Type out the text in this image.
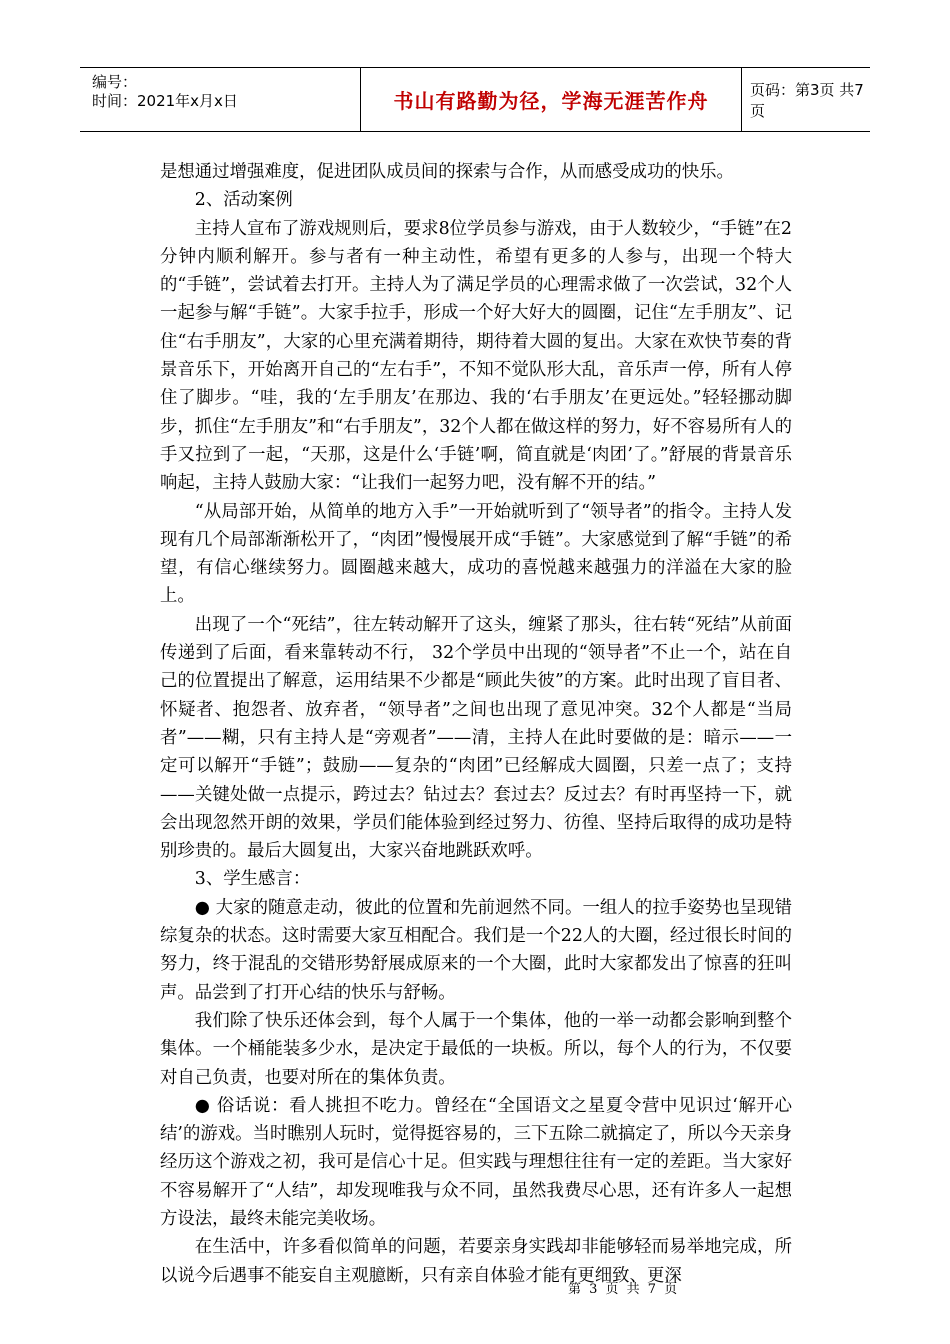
编号：
时间：2021年x月x日	书山有路勤为径，学海无涯苦作舟	页码：第3页 共7页

是想通过增强难度，促进团队成员间的探索与合作，从而感受成功的快乐。

2、活动案例

主持人宣布了游戏规则后，要求8位学员参与游戏，由于人数较少，“手链”在2分钟内顺利解开。参与者有一种主动性，希望有更多的人参与，出现一个特大的“手链”，尝试着去打开。主持人为了满足学员的心理需求做了一次尝试，32个人一起参与解“手链”。大家手拉手，形成一个好大好大的圆圈，记住“左手朋友”、记住“右手朋友”，大家的心里充满着期待，期待着大圆的复出。大家在欢快节奏的背景音乐下，开始离开自己的“左右手”，不知不觉队形大乱，音乐声一停，所有人停住了脚步。“哇，我的‘左手朋友’在那边、我的‘右手朋友’在更远处。”轻轻挪动脚步，抓住“左手朋友”和“右手朋友”，32个人都在做这样的努力，好不容易所有人的手又拉到了一起，“天那，这是什么‘手链’啊，简直就是‘肉团’了。”舒展的背景音乐响起，主持人鼓励大家：“让我们一起努力吧，没有解不开的结。”

“从局部开始，从简单的地方入手”一开始就听到了“领导者”的指令。主持人发现有几个局部渐渐松开了，“肉团”慢慢展开成“手链”。大家感觉到了解“手链”的希望，有信心继续努力。圆圈越来越大，成功的喜悦越来越强力的洋溢在大家的脸上。

出现了一个“死结”，往左转动解开了这头，缠紧了那头，往右转“死结”从前面传递到了后面，看来靠转动不行， 32个学员中出现的“领导者”不止一个，站在自己的位置提出了解意，运用结果不少都是“顾此失彼”的方案。此时出现了盲目者、怀疑者、抱怨者、放弃者，“领导者”之间也出现了意见冲突。32个人都是“当局者”——糊，只有主持人是“旁观者”——清，主持人在此时要做的是：暗示——一定可以解开“手链”；鼓励——复杂的“肉团”已经解成大圆圈，只差一点了；支持——关键处做一点提示，跨过去？钻过去？套过去？反过去？有时再坚持一下，就会出现忽然开朗的效果，学员们能体验到经过努力、彷徨、坚持后取得的成功是特别珍贵的。最后大圆复出，大家兴奋地跳跃欢呼。

3、学生感言：

● 大家的随意走动，彼此的位置和先前迥然不同。一组人的拉手姿势也呈现错综复杂的状态。这时需要大家互相配合。我们是一个22人的大圈，经过很长时间的努力，终于混乱的交错形势舒展成原来的一个大圈，此时大家都发出了惊喜的狂叫声。品尝到了打开心结的快乐与舒畅。

我们除了快乐还体会到，每个人属于一个集体，他的一举一动都会影响到整个集体。一个桶能装多少水，是决定于最低的一块板。所以，每个人的行为，不仅要对自己负责，也要对所在的集体负责。

● 俗话说：看人挑担不吃力。曾经在“全国语文之星夏令营中见识过‘解开心结’的游戏。当时瞧别人玩时，觉得挺容易的，三下五除二就搞定了，所以今天亲身经历这个游戏之初，我可是信心十足。但实践与理想往往有一定的差距。当大家好不容易解开了“人结”，却发现唯我与众不同，虽然我费尽心思，还有许多人一起想方设法，最终未能完美收场。

在生活中，许多看似简单的问题，若要亲身实践却非能够轻而易举地完成，所以说今后遇事不能妄自主观臆断，只有亲自体验才能有更细致、更深

第 3 页 共 7 页
